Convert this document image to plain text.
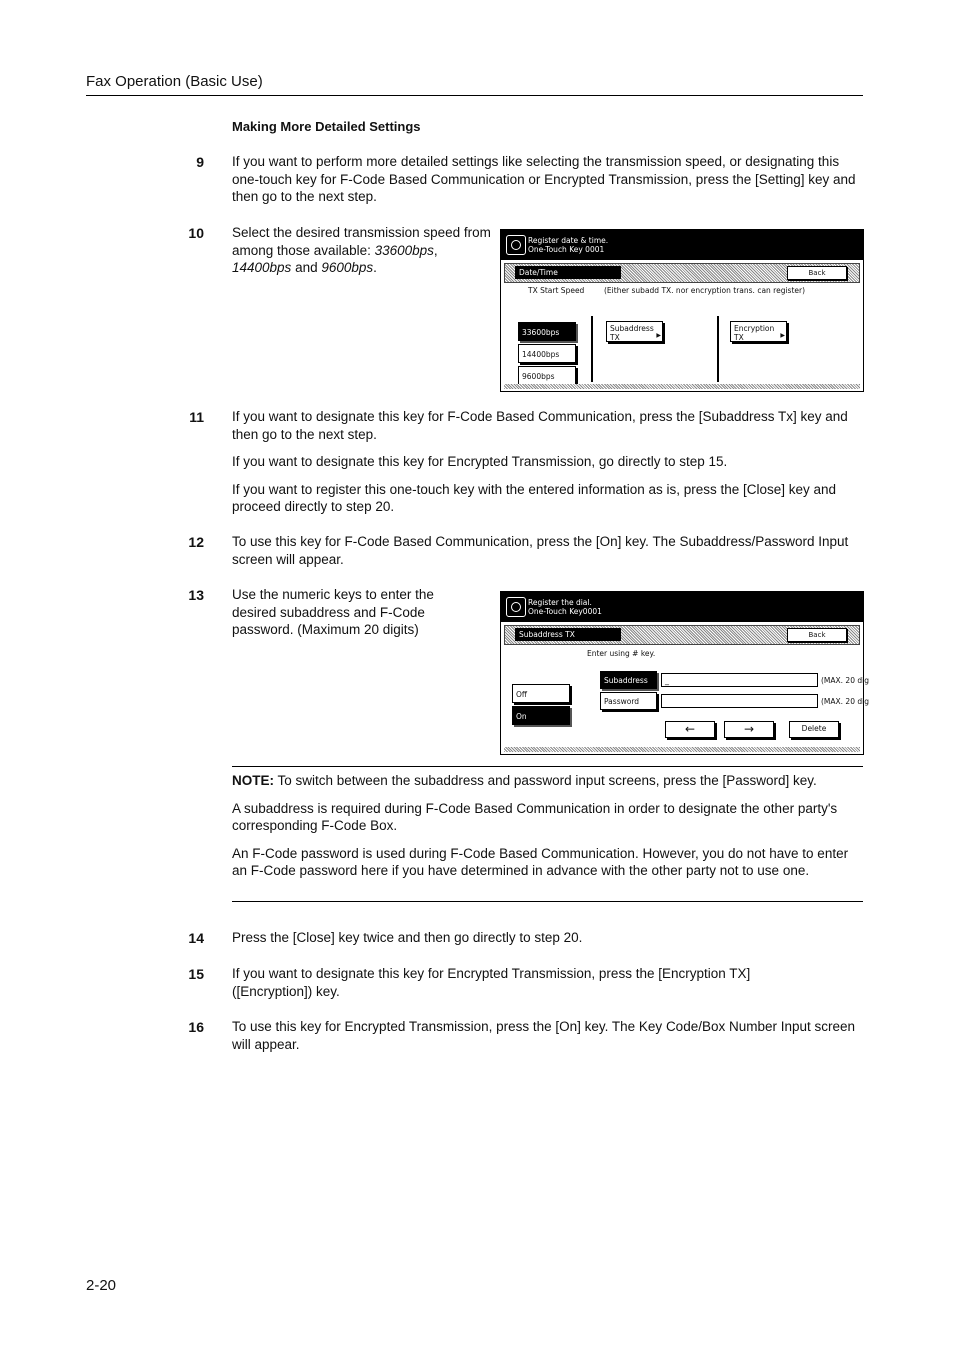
Fax Operation (Basic Use)
Making More Detailed Settings
9 If you want to perform more detailed settings like selecting the transmission speed, or designating this one-touch key for F-Code Based Communication or Encrypted Transmission, press the [Setting] key and then go to the next step.
10 Select the desired transmission speed from among those available: 33600bps, 14400bps and 9600bps.
Register date & time.
One-Touch Key 0001
Date/Time	Back
TX Start Speed	(Either subadd TX. nor encryption trans. can register)
33600bps
14400bps
9600bps
Subaddress
TX
▶
Encryption
TX
▶
11 If you want to designate this key for F-Code Based Communication, press the [Subaddress Tx] key and then go to the next step.

If you want to designate this key for Encrypted Transmission, go directly to step 15.

If you want to register this one-touch key with the entered information as is, press the [Close] key and proceed directly to step 20.

12 To use this key for F-Code Based Communication, press the [On] key. The Subaddress/Password Input screen will appear.
13 Use the numeric keys to enter the desired subaddress and F-Code password. (Maximum 20 digits)
Register the dial.
One-Touch Key0001
Subaddress TX	Back
Enter using # key.
Off
On
Subaddress
Password
_	(MAX. 20 dig
(MAX. 20 dig
←	→	Delete

NOTE: To switch between the subaddress and password input screens, press the [Password] key.

A subaddress is required during F-Code Based Communication in order to designate the other party's corresponding F-Code Box.

An F-Code password is used during F-Code Based Communication. However, you do not have to enter an F-Code password here if you have determined in advance with the other party not to use one.

14 Press the [Close] key twice and then go directly to step 20.
15 If you want to designate this key for Encrypted Transmission, press the [Encryption TX] ([Encryption]) key.
16 To use this key for Encrypted Transmission, press the [On] key. The Key Code/Box Number Input screen will appear.
2-20
